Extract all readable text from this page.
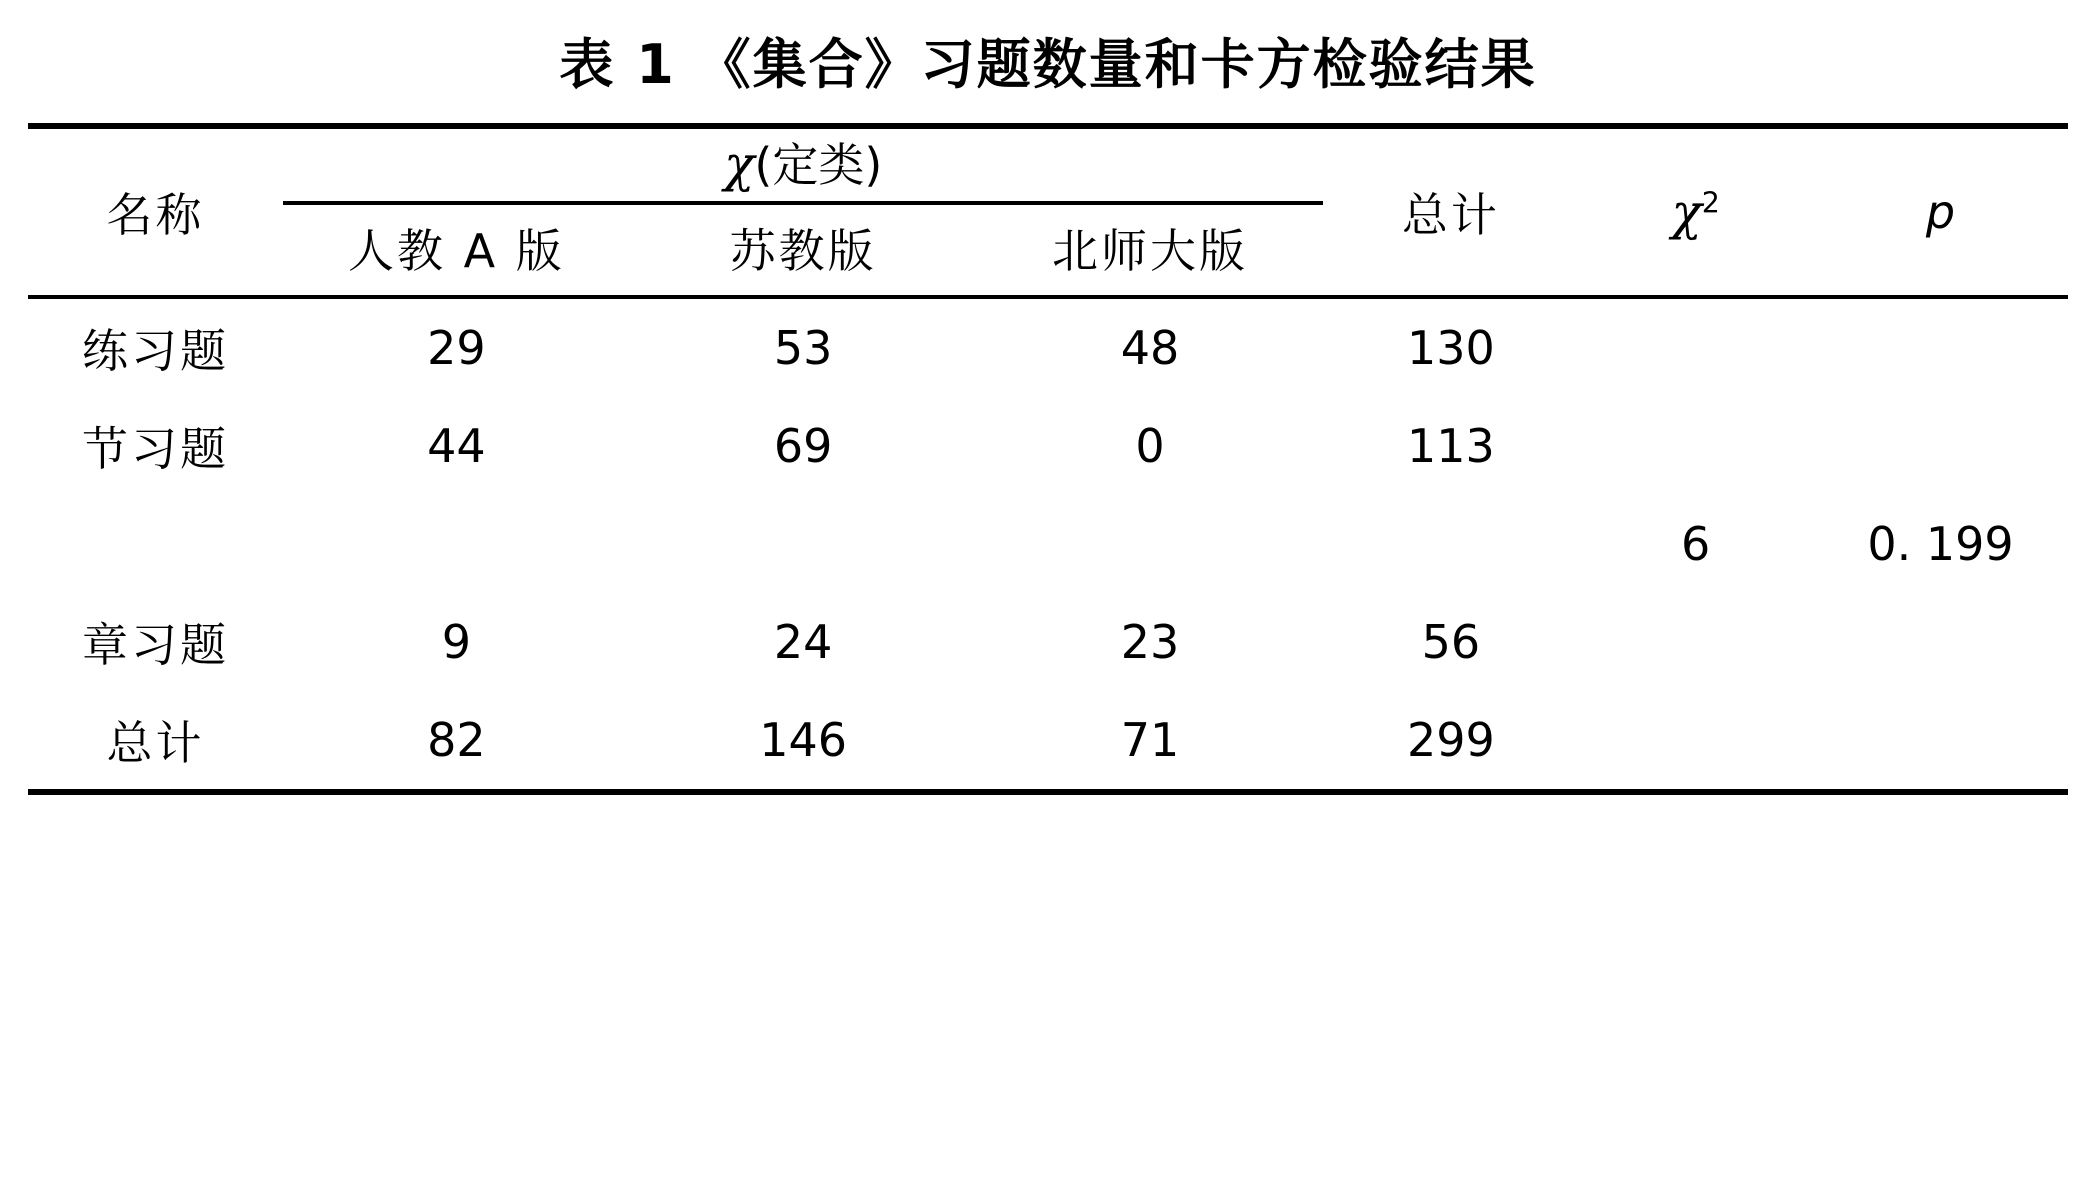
表 1 《集合》习题数量和卡方检验结果
名称	χ(定类)			总计	$\chi^2$	p

	人教 A 版	苏教版	北师大版			
练习题	29	53	48	130		
节习题	44	69	0	113		
					6	0. 199
章习题	9	24	23	56		
总计	82	146	71	299		
